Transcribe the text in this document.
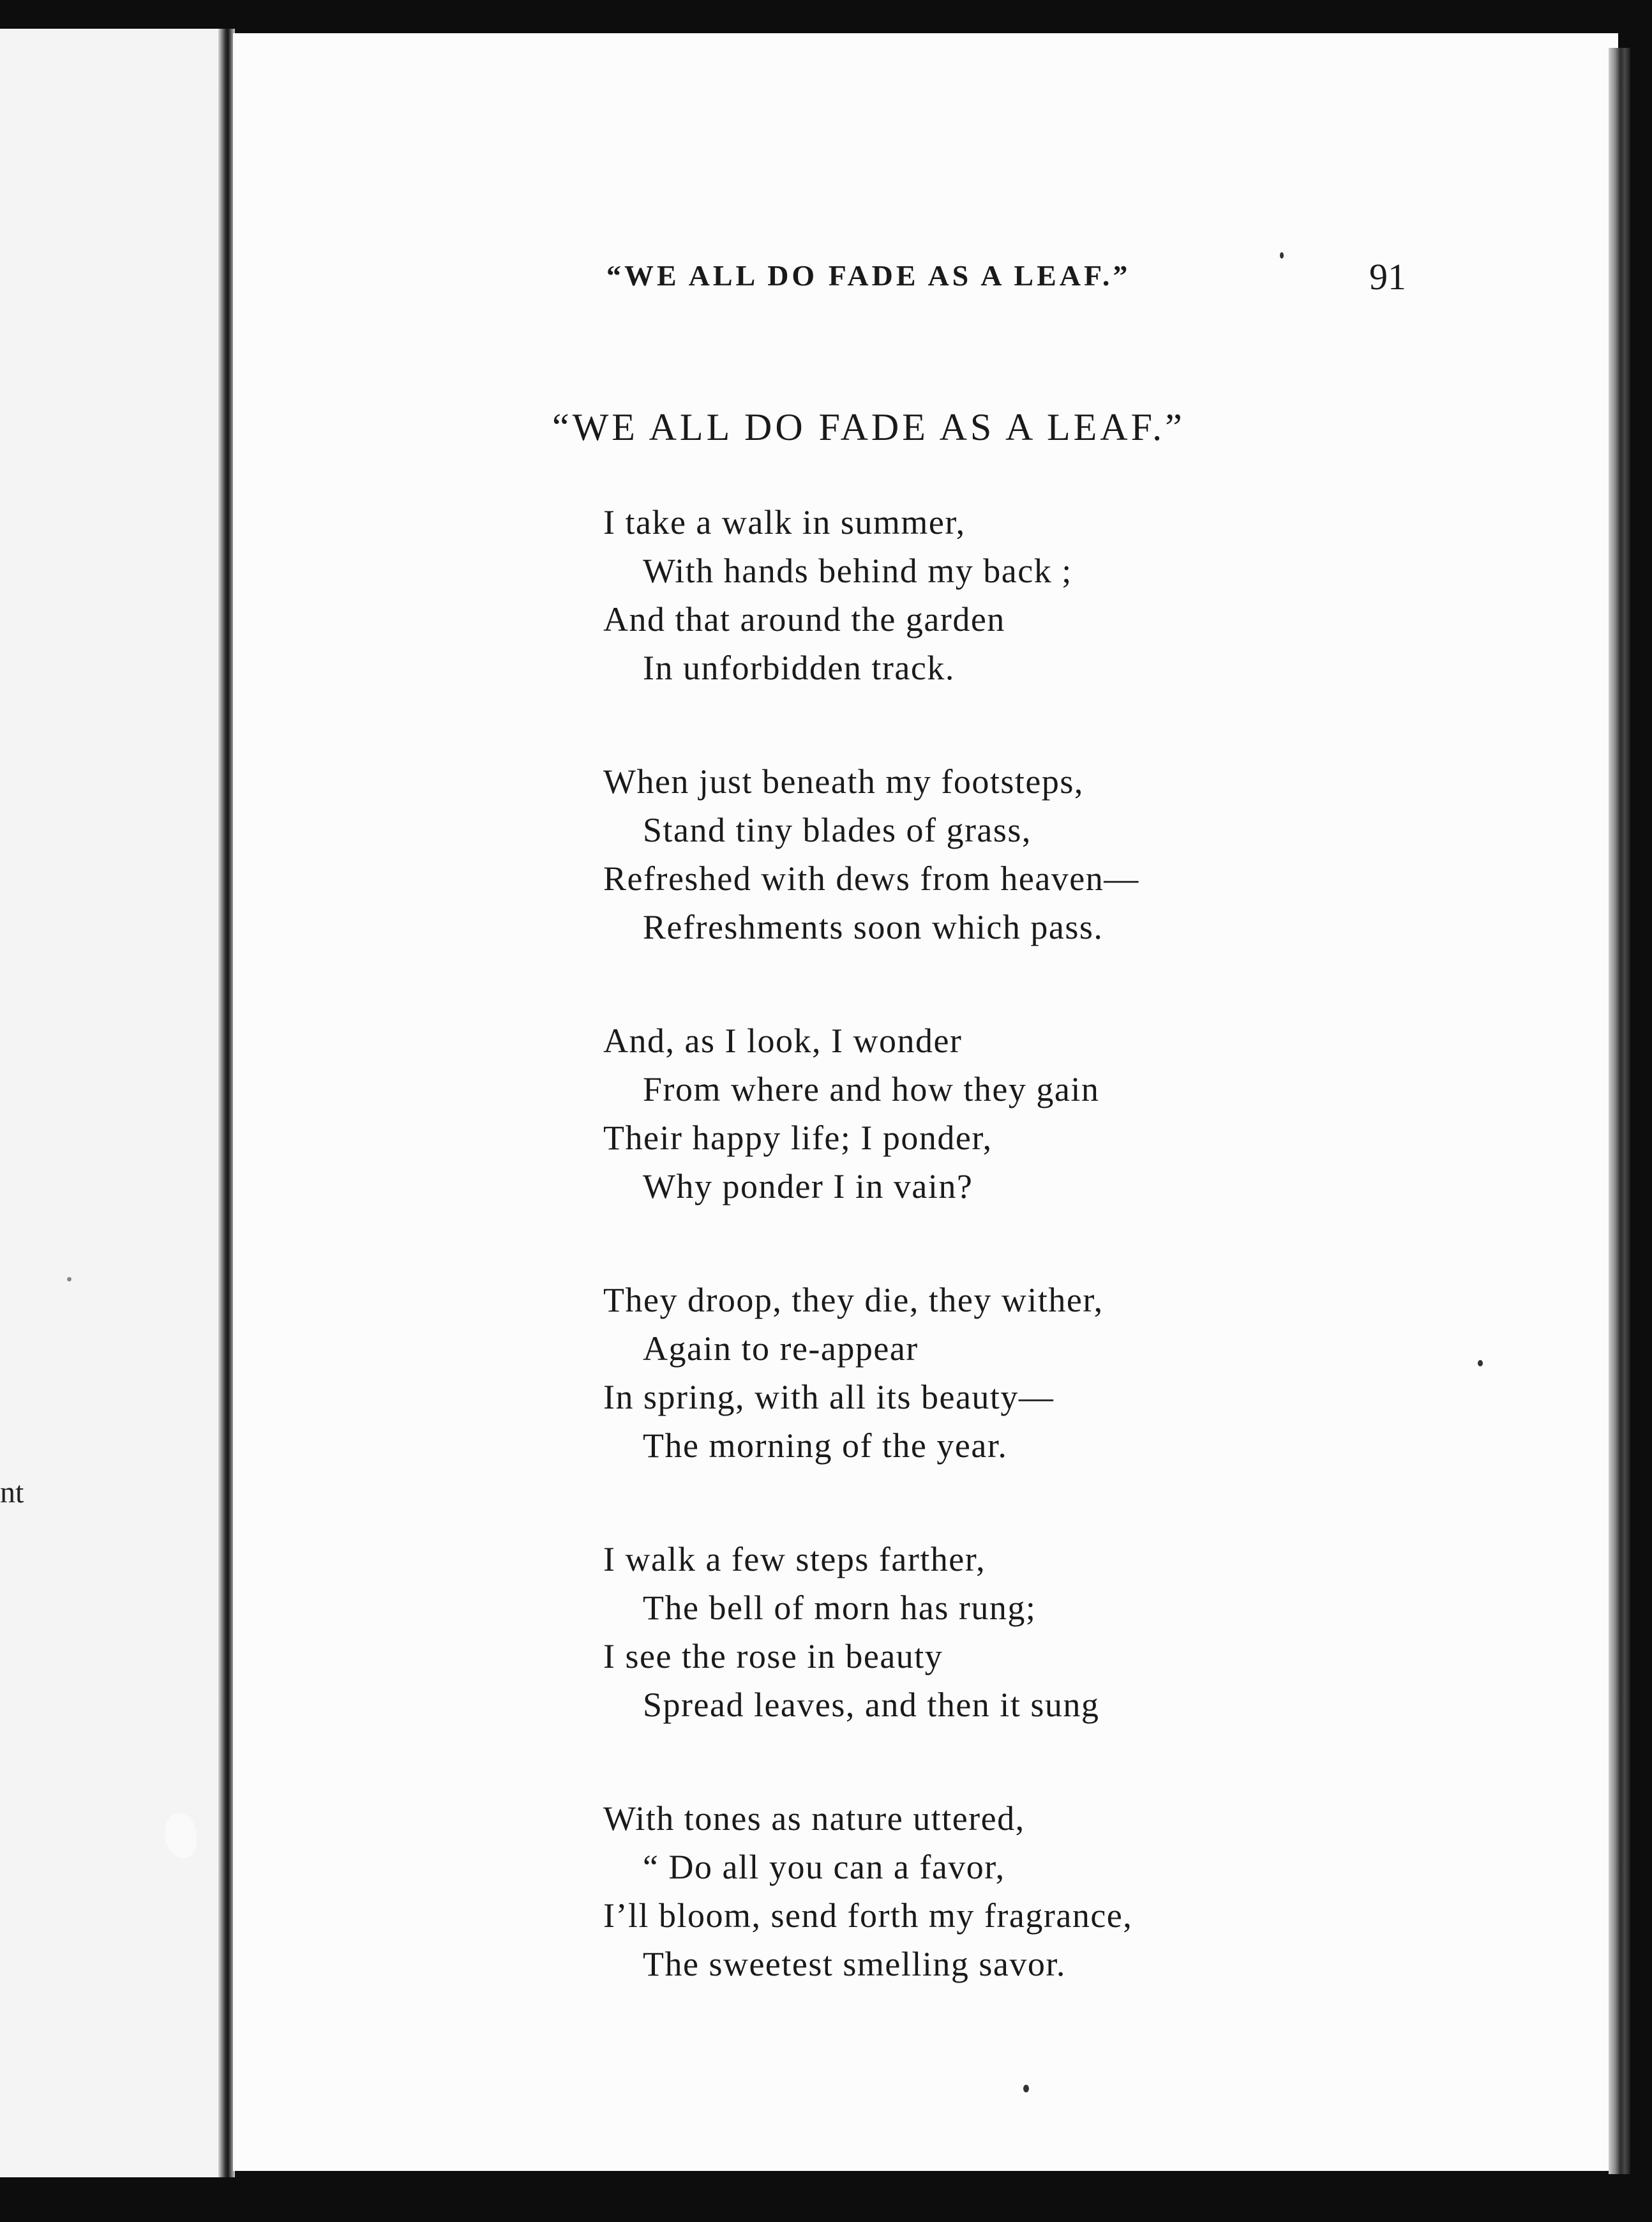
nt
“WE ALL DO FADE AS A LEAF.”	91
“WE ALL DO FADE AS A LEAF.”
I take a walk in summer,
With hands behind my back ;
And that around the garden
In unforbidden track.
When just beneath my footsteps,
Stand tiny blades of grass,
Refreshed with dews from heaven—
Refreshments soon which pass.
And, as I look, I wonder
From where and how they gain
Their happy life; I ponder,
Why ponder I in vain?
They droop, they die, they wither,
Again to re-appear
In spring, with all its beauty—
The morning of the year.
I walk a few steps farther,
The bell of morn has rung;
I see the rose in beauty
Spread leaves, and then it sung
With tones as nature uttered,
“ Do all you can a favor,
I’ll bloom, send forth my fragrance,
The sweetest smelling savor.
